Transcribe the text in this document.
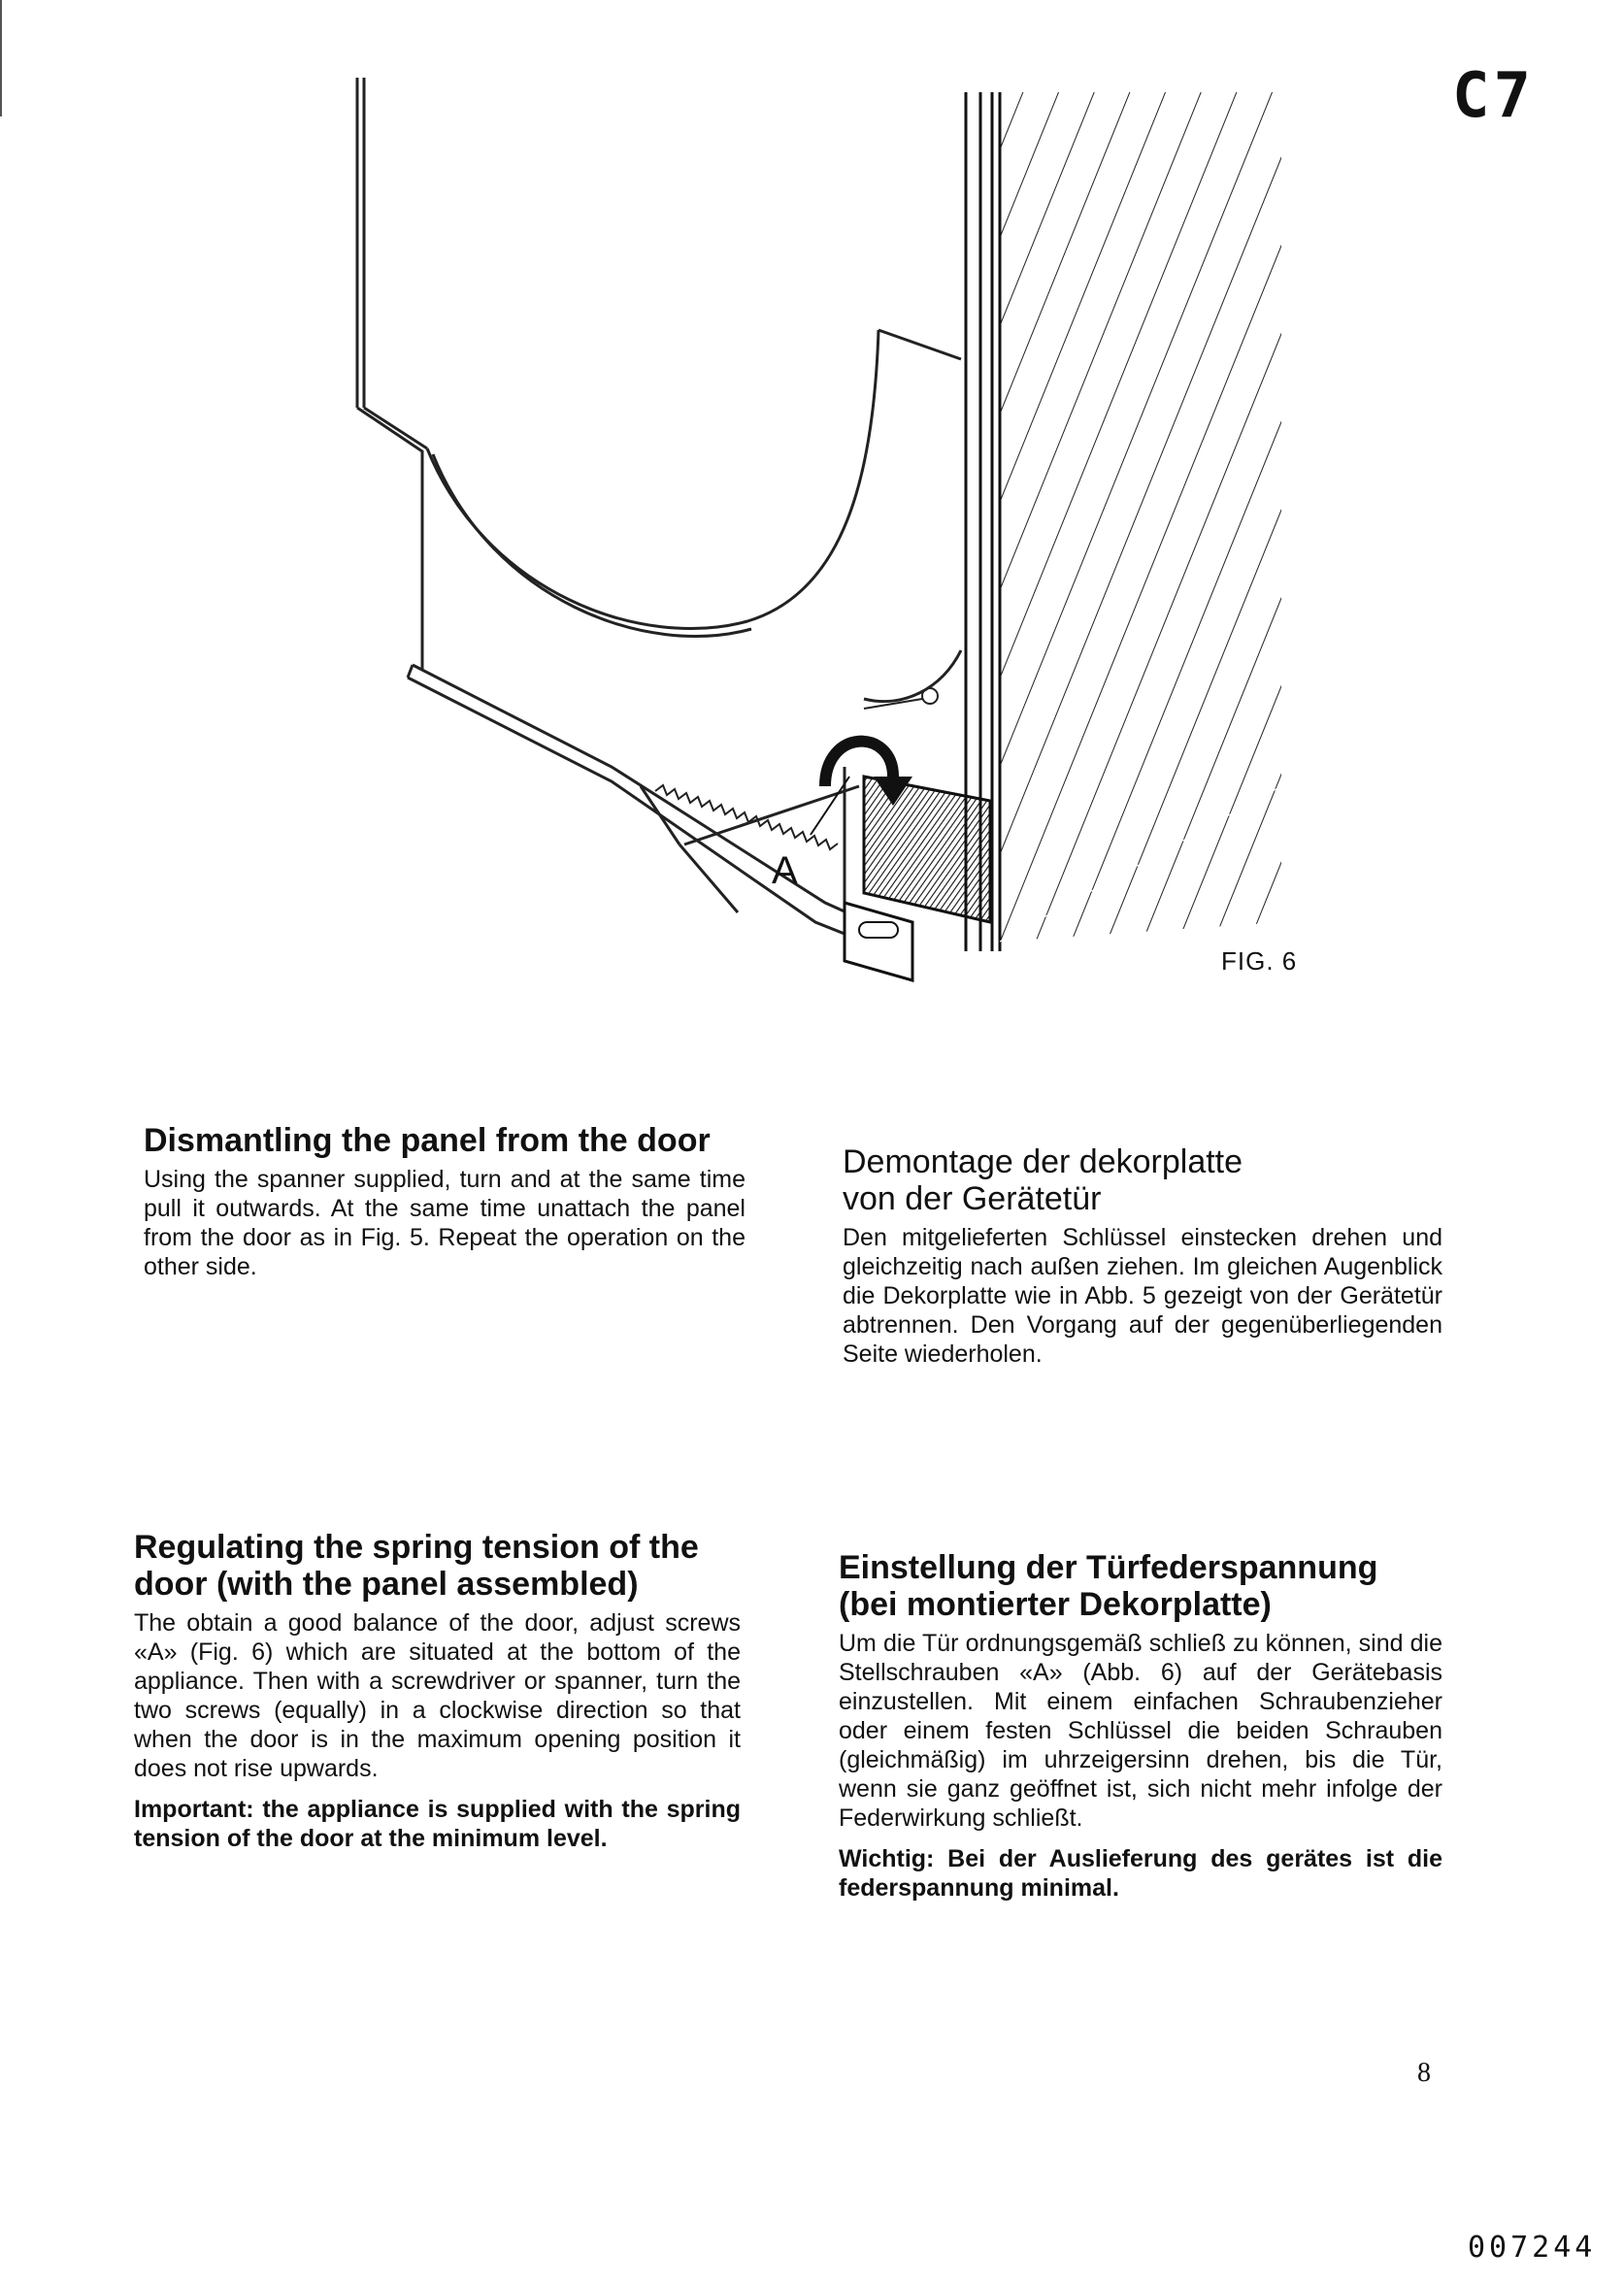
C7
A
FIG. 6
Dismantling the panel from the door

Using the spanner supplied, turn and at the same time pull it outwards. At the same time unattach the panel from the door as in Fig. 5. Repeat the operation on the other side.

Demontage der dekorplatte
von der Gerätetür

Den mitgelieferten Schlüssel einstecken drehen und gleichzeitig nach außen ziehen. Im gleichen Augenblick die Dekorplatte wie in Abb. 5 gezeigt von der Gerätetür abtrennen. Den Vorgang auf der gegenüberliegenden Seite wiederholen.

Regulating the spring tension of the door (with the panel assembled)

The obtain a good balance of the door, adjust screws «A» (Fig. 6) which are situated at the bottom of the appliance. Then with a screwdriver or spanner, turn the two screws (equally) in a clockwise direction so that when the door is in the maximum opening position it does not rise upwards.

Important: the appliance is supplied with the spring tension of the door at the minimum level.

Einstellung der Türfederspannung (bei montierter Dekorplatte)

Um die Tür ordnungsgemäß schließ zu können, sind die Stellschrauben «A» (Abb. 6) auf der Gerätebasis einzustellen. Mit einem einfachen Schraubenzieher oder einem festen Schlüssel die beiden Schrauben (gleichmäßig) im uhrzeigersinn drehen, bis die Tür, wenn sie ganz geöffnet ist, sich nicht mehr infolge der Federwirkung schließt.

Wichtig: Bei der Auslieferung des gerätes ist die federspannung minimal.

8
007244
